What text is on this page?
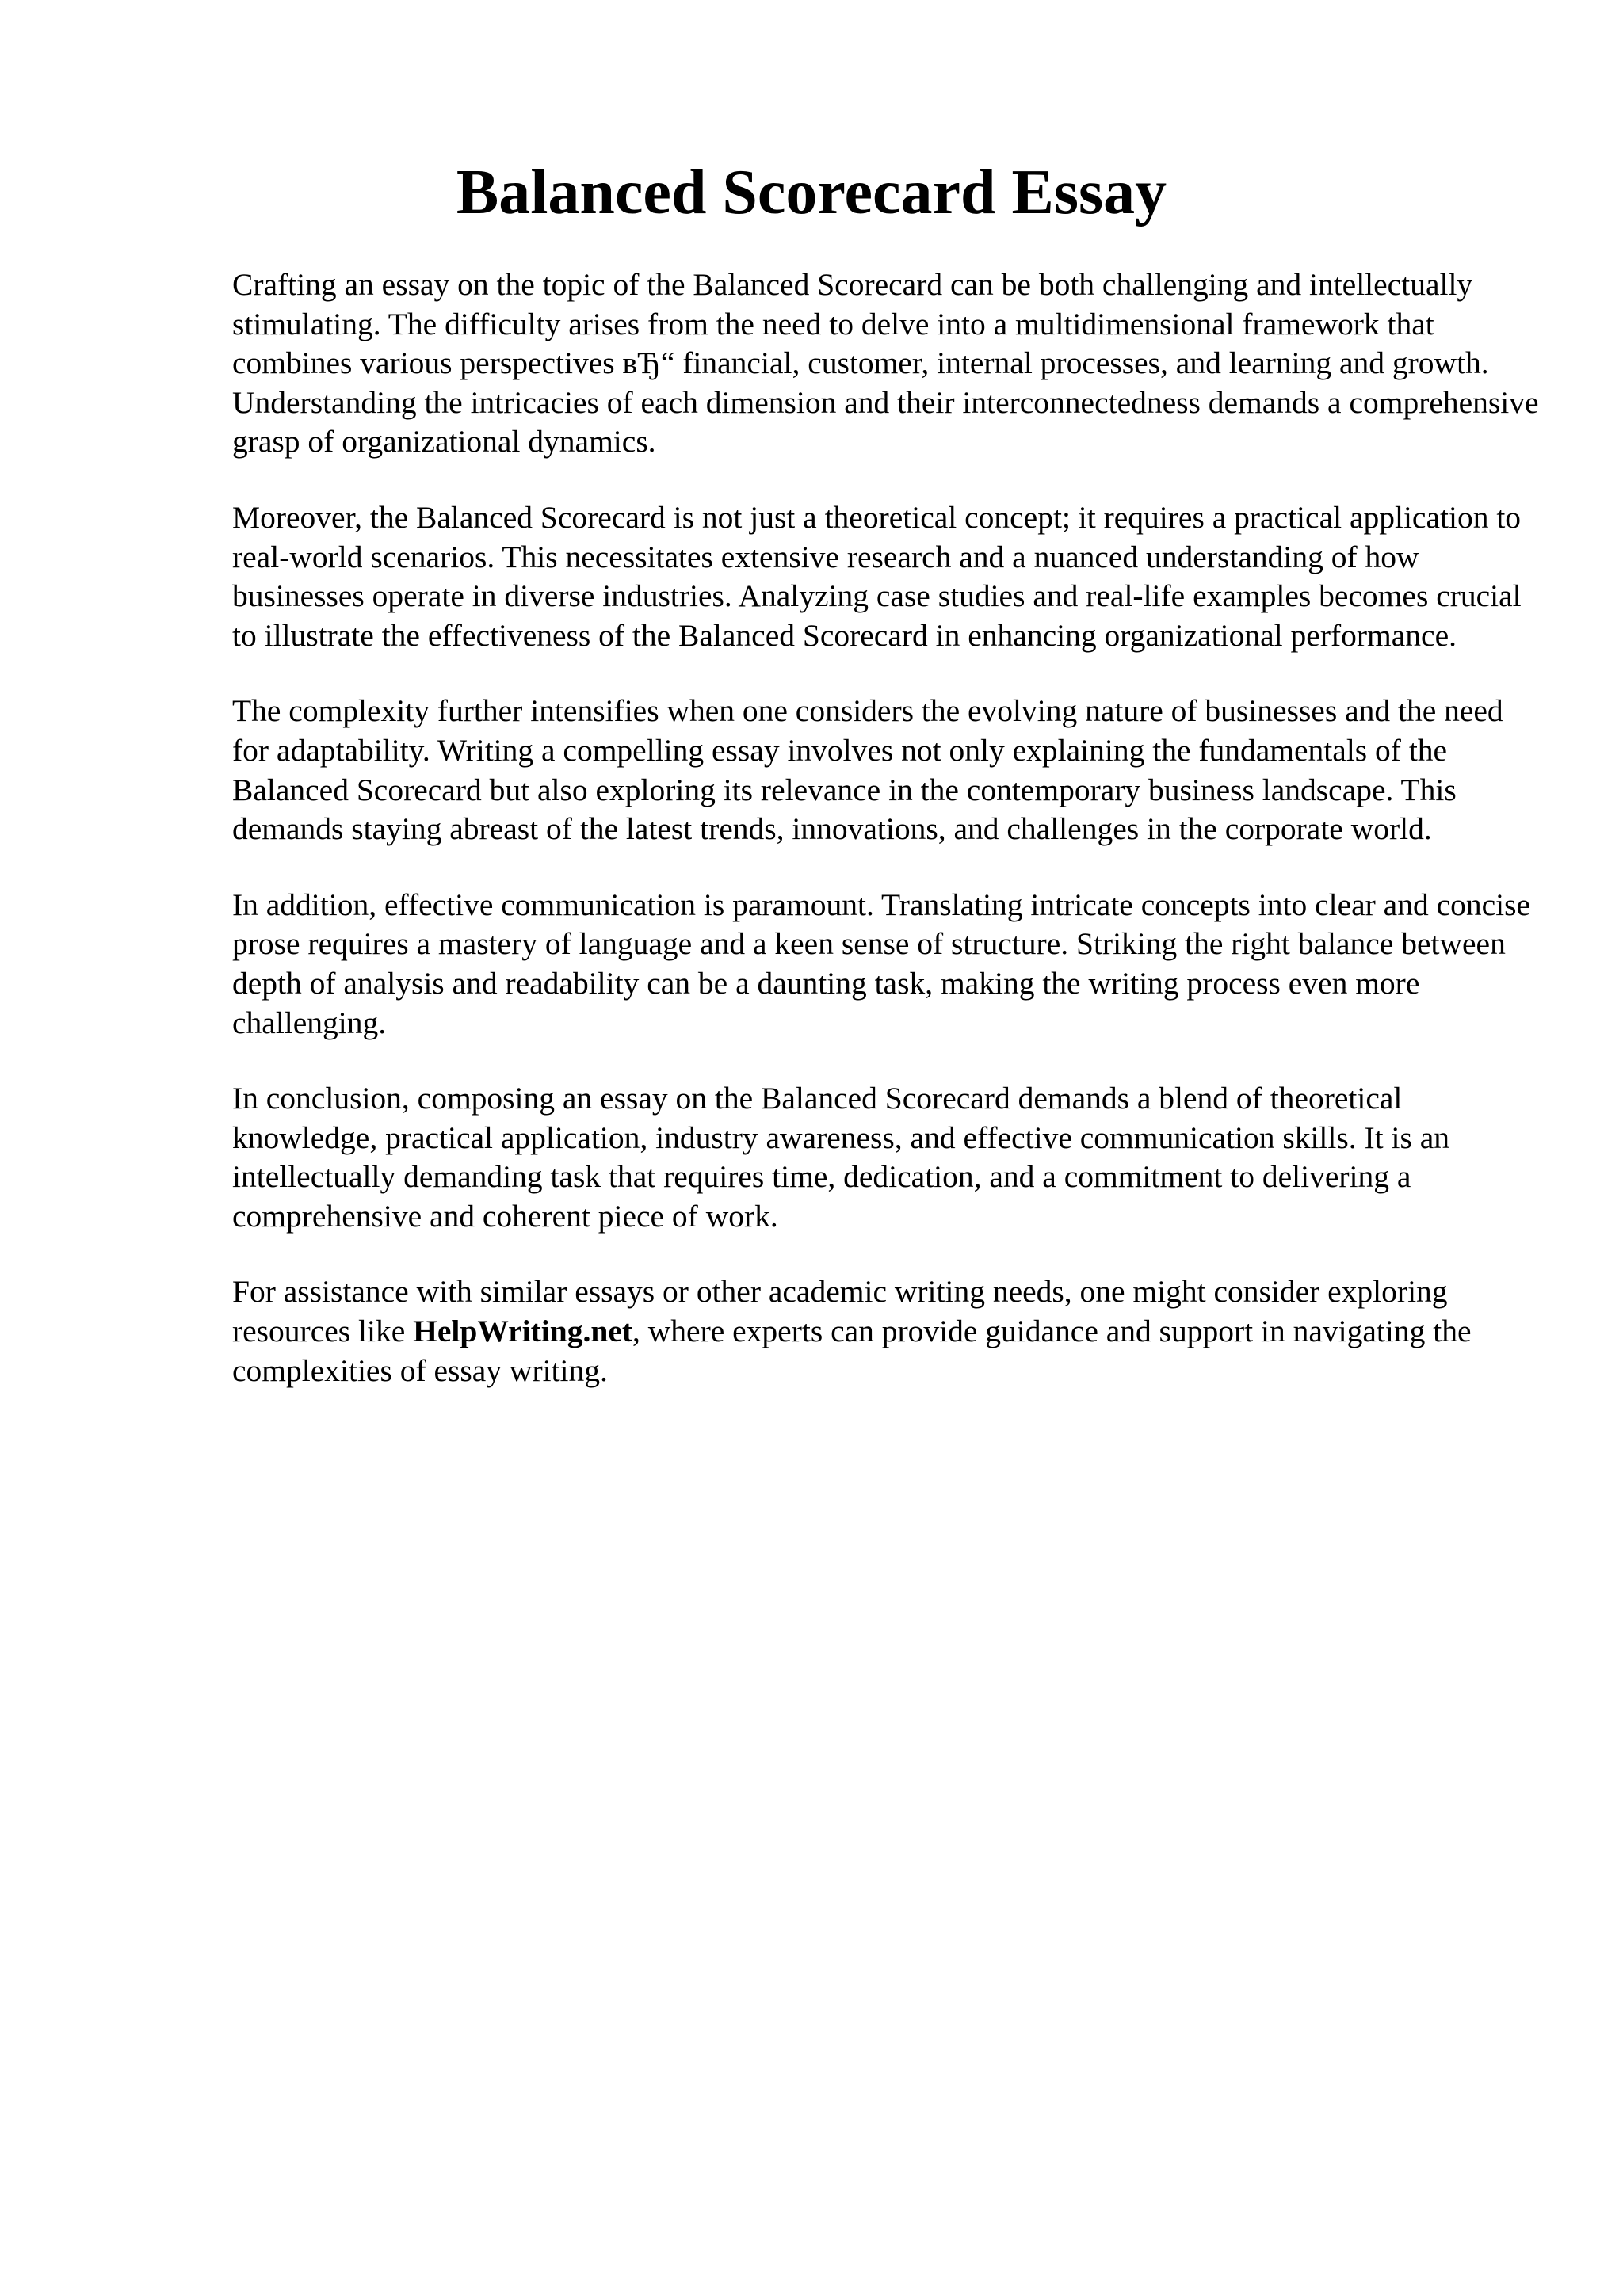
Balanced Scorecard Essay

Crafting an essay on the topic of the Balanced Scorecard can be both challenging and intellectually stimulating. The difficulty arises from the need to delve into a multidimensional framework that combines various perspectives вЂ“ financial, customer, internal processes, and learning and growth. Understanding the intricacies of each dimension and their interconnectedness demands a comprehensive grasp of organizational dynamics.

Moreover, the Balanced Scorecard is not just a theoretical concept; it requires a practical application to real-world scenarios. This necessitates extensive research and a nuanced understanding of how businesses operate in diverse industries. Analyzing case studies and real-life examples becomes crucial to illustrate the effectiveness of the Balanced Scorecard in enhancing organizational performance.

The complexity further intensifies when one considers the evolving nature of businesses and the need for adaptability. Writing a compelling essay involves not only explaining the fundamentals of the Balanced Scorecard but also exploring its relevance in the contemporary business landscape. This demands staying abreast of the latest trends, innovations, and challenges in the corporate world.

In addition, effective communication is paramount. Translating intricate concepts into clear and concise prose requires a mastery of language and a keen sense of structure. Striking the right balance between depth of analysis and readability can be a daunting task, making the writing process even more challenging.

In conclusion, composing an essay on the Balanced Scorecard demands a blend of theoretical knowledge, practical application, industry awareness, and effective communication skills. It is an intellectually demanding task that requires time, dedication, and a commitment to delivering a comprehensive and coherent piece of work.

For assistance with similar essays or other academic writing needs, one might consider exploring resources like HelpWriting.net, where experts can provide guidance and support in navigating the complexities of essay writing.
